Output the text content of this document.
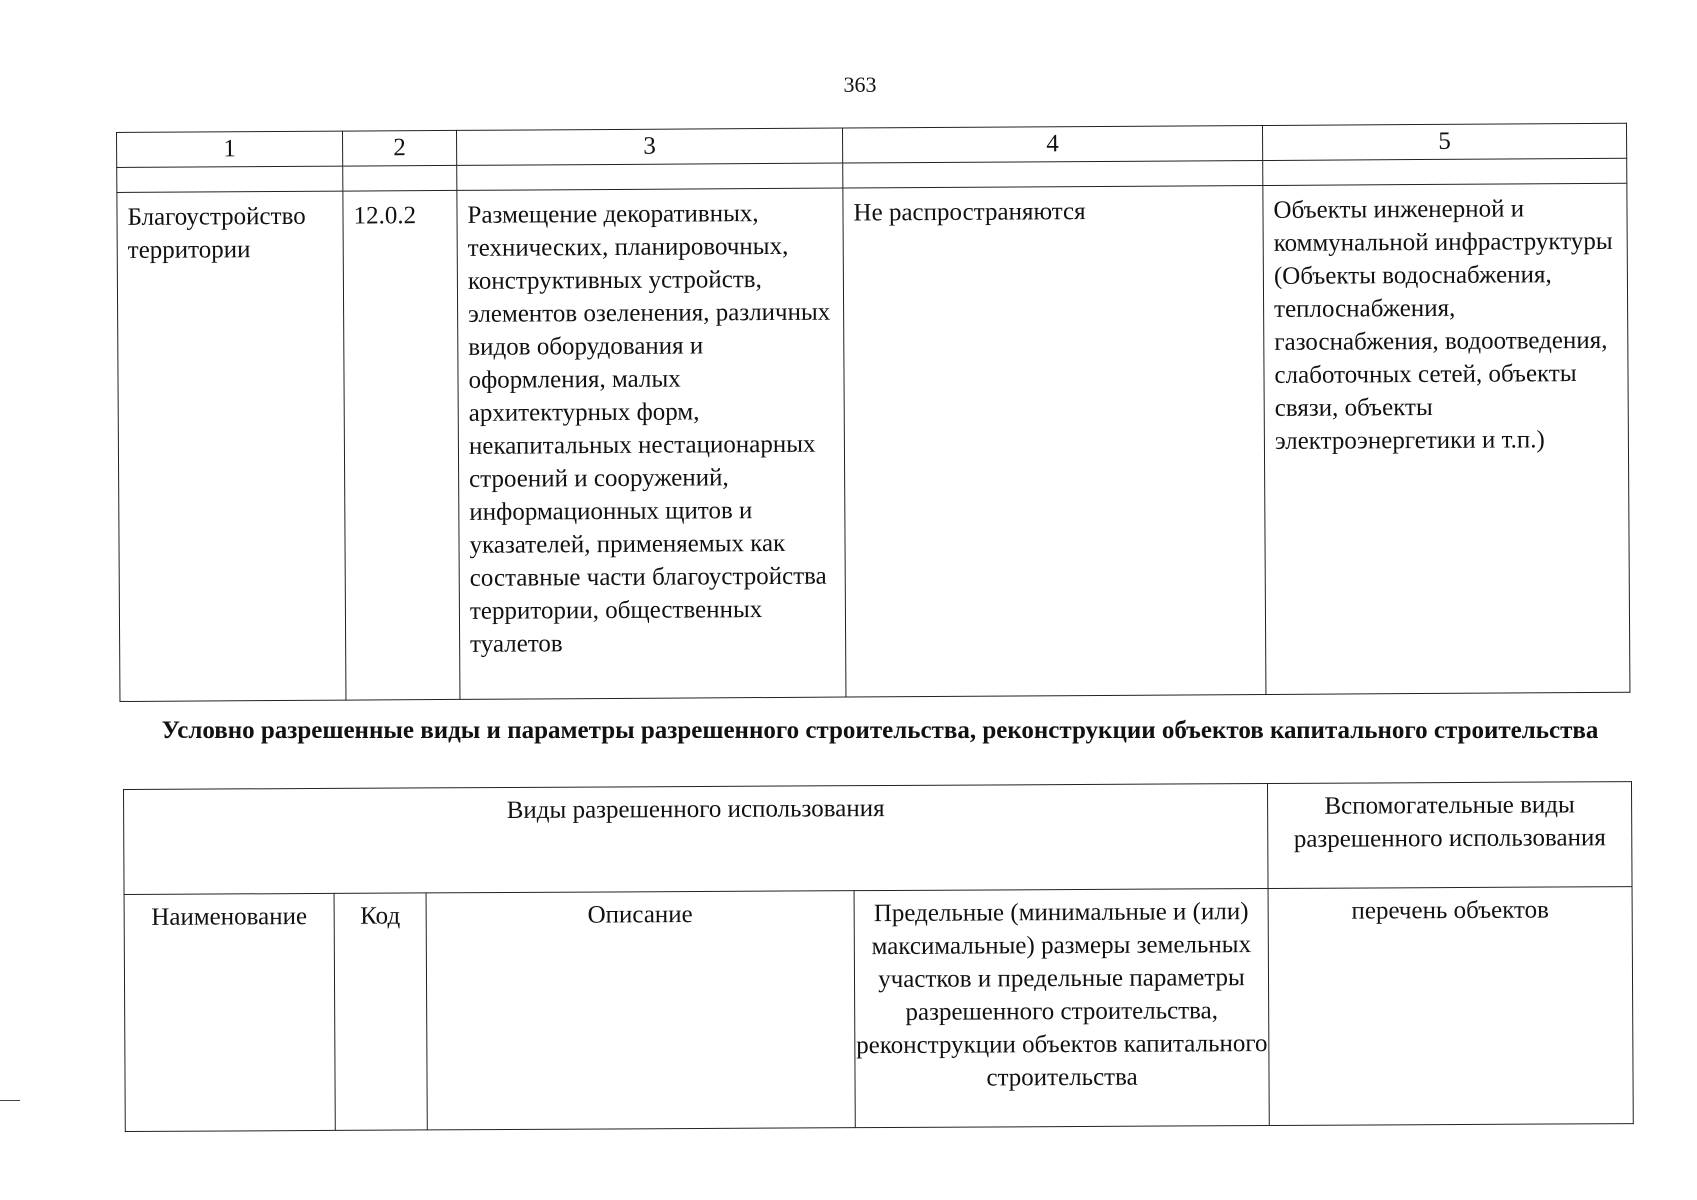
363
1	2	3	4	5

Благоустройство территории	12.0.2	Размещение декоративных, технических, планировочных, конструктивных устройств, элементов озеленения, различных видов оборудования и оформления, малых архитектурных форм, некапитальных нестационарных строений и сооружений, информационных щитов и указателей, применяемых как составные части благоустройства территории, общественных туалетов	Не распространяются	Объекты инженерной и коммунальной инфраструктуры (Объекты водоснабжения, теплоснабжения, газоснабжения, водоотведения, слаботочных сетей, объекты связи, объекты электроэнергетики и т.п.)
Условно разрешенные виды и параметры разрешенного строительства, реконструкции объектов капитального строительства
Виды разрешенного использования				Вспомогательные виды разрешенного использования
Наименование	Код	Описание	Предельные (минимальные и (или) максимальные) размеры земельных участков и предельные параметры разрешенного строительства, реконструкции объектов капитального строительства	перечень объектов
